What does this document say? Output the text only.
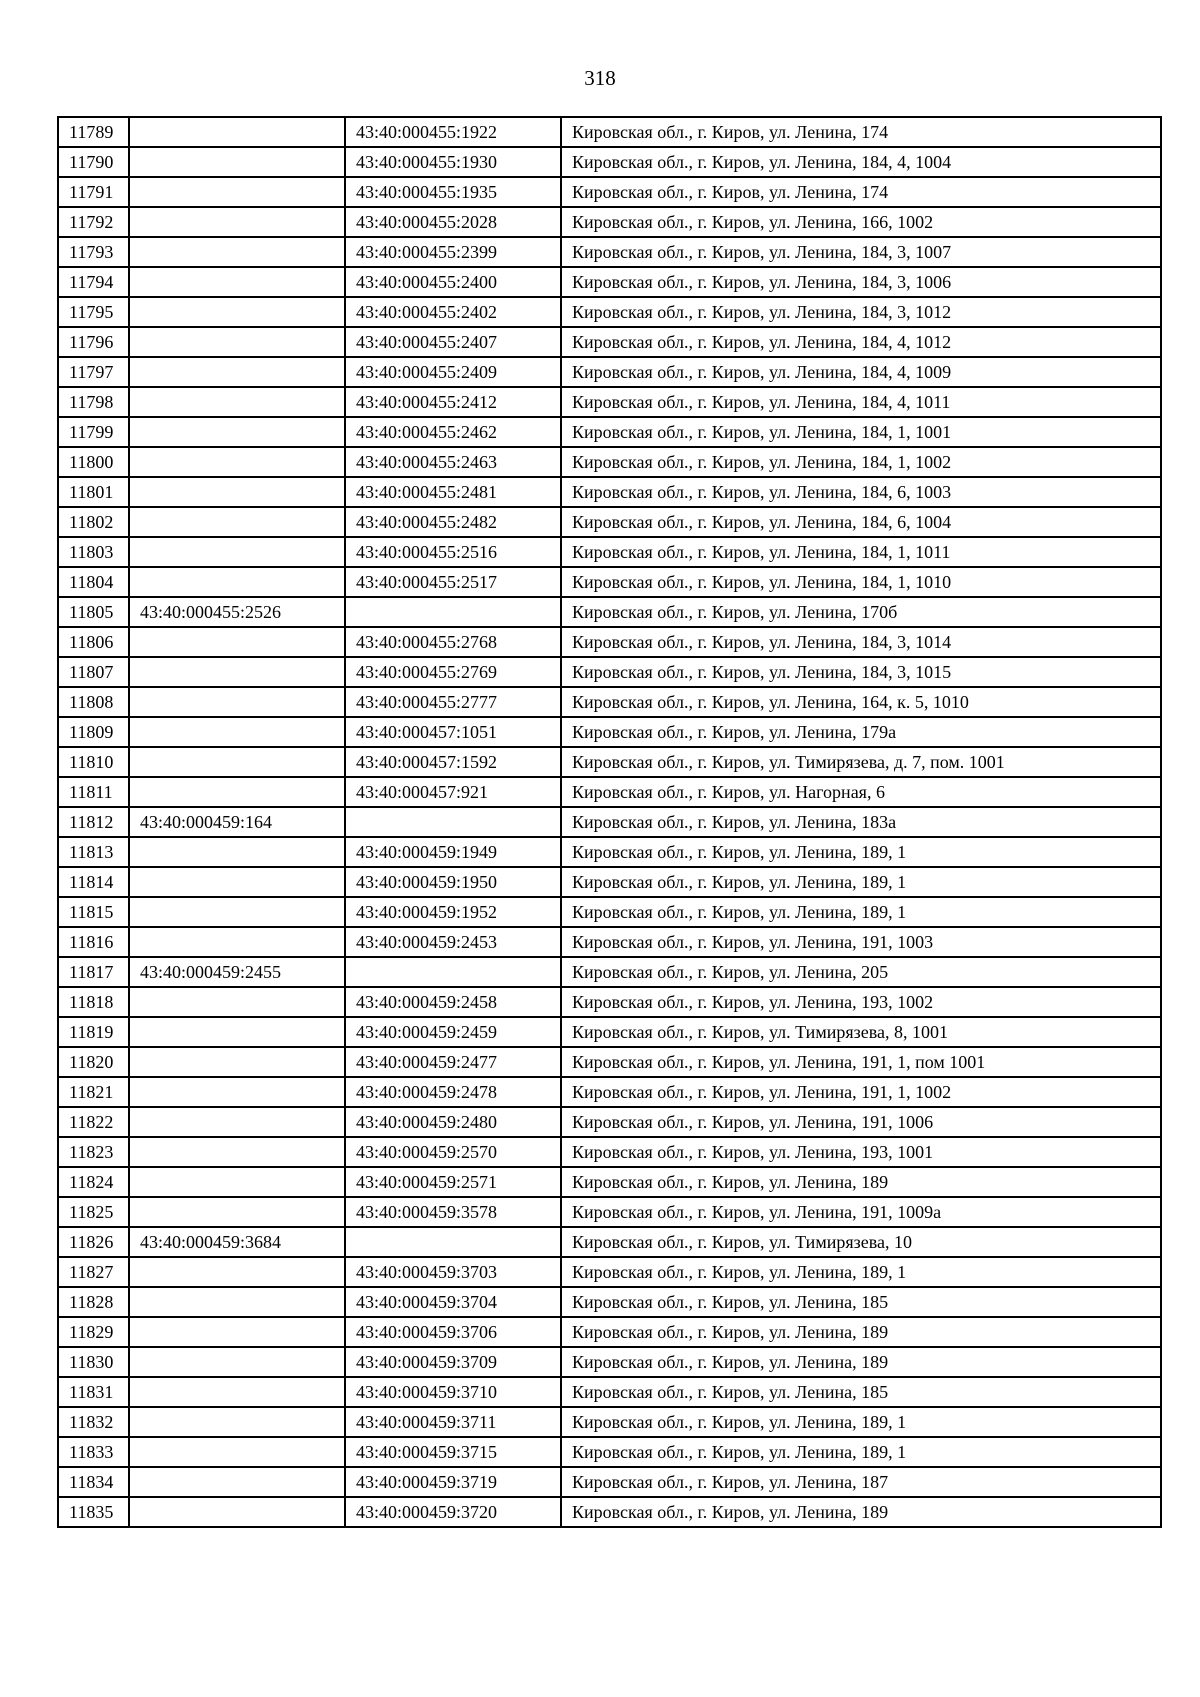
318
11789		43:40:000455:1922	Кировская обл., г. Киров, ул. Ленина, 174
11790		43:40:000455:1930	Кировская обл., г. Киров, ул. Ленина, 184, 4, 1004
11791		43:40:000455:1935	Кировская обл., г. Киров, ул. Ленина, 174
11792		43:40:000455:2028	Кировская обл., г. Киров, ул. Ленина, 166, 1002
11793		43:40:000455:2399	Кировская обл., г. Киров, ул. Ленина, 184, 3, 1007
11794		43:40:000455:2400	Кировская обл., г. Киров, ул. Ленина, 184, 3, 1006
11795		43:40:000455:2402	Кировская обл., г. Киров, ул. Ленина, 184, 3, 1012
11796		43:40:000455:2407	Кировская обл., г. Киров, ул. Ленина, 184, 4, 1012
11797		43:40:000455:2409	Кировская обл., г. Киров, ул. Ленина, 184, 4, 1009
11798		43:40:000455:2412	Кировская обл., г. Киров, ул. Ленина, 184, 4, 1011
11799		43:40:000455:2462	Кировская обл., г. Киров, ул. Ленина, 184, 1, 1001
11800		43:40:000455:2463	Кировская обл., г. Киров, ул. Ленина, 184, 1, 1002
11801		43:40:000455:2481	Кировская обл., г. Киров, ул. Ленина, 184, 6, 1003
11802		43:40:000455:2482	Кировская обл., г. Киров, ул. Ленина, 184, 6, 1004
11803		43:40:000455:2516	Кировская обл., г. Киров, ул. Ленина, 184, 1, 1011
11804		43:40:000455:2517	Кировская обл., г. Киров, ул. Ленина, 184, 1, 1010
11805	43:40:000455:2526		Кировская обл., г. Киров, ул. Ленина, 170б
11806		43:40:000455:2768	Кировская обл., г. Киров, ул. Ленина, 184, 3, 1014
11807		43:40:000455:2769	Кировская обл., г. Киров, ул. Ленина, 184, 3, 1015
11808		43:40:000455:2777	Кировская обл., г. Киров, ул. Ленина, 164, к. 5, 1010
11809		43:40:000457:1051	Кировская обл., г. Киров, ул. Ленина, 179а
11810		43:40:000457:1592	Кировская обл., г. Киров, ул. Тимирязева, д. 7, пом. 1001
11811		43:40:000457:921	Кировская обл., г. Киров, ул. Нагорная, 6
11812	43:40:000459:164		Кировская обл., г. Киров, ул. Ленина, 183а
11813		43:40:000459:1949	Кировская обл., г. Киров, ул. Ленина, 189, 1
11814		43:40:000459:1950	Кировская обл., г. Киров, ул. Ленина, 189, 1
11815		43:40:000459:1952	Кировская обл., г. Киров, ул. Ленина, 189, 1
11816		43:40:000459:2453	Кировская обл., г. Киров, ул. Ленина, 191, 1003
11817	43:40:000459:2455		Кировская обл., г. Киров, ул. Ленина, 205
11818		43:40:000459:2458	Кировская обл., г. Киров, ул. Ленина, 193, 1002
11819		43:40:000459:2459	Кировская обл., г. Киров, ул. Тимирязева, 8, 1001
11820		43:40:000459:2477	Кировская обл., г. Киров, ул. Ленина, 191, 1, пом 1001
11821		43:40:000459:2478	Кировская обл., г. Киров, ул. Ленина, 191, 1, 1002
11822		43:40:000459:2480	Кировская обл., г. Киров, ул. Ленина, 191, 1006
11823		43:40:000459:2570	Кировская обл., г. Киров, ул. Ленина, 193, 1001
11824		43:40:000459:2571	Кировская обл., г. Киров, ул. Ленина, 189
11825		43:40:000459:3578	Кировская обл., г. Киров, ул. Ленина, 191, 1009а
11826	43:40:000459:3684		Кировская обл., г. Киров, ул. Тимирязева, 10
11827		43:40:000459:3703	Кировская обл., г. Киров, ул. Ленина, 189, 1
11828		43:40:000459:3704	Кировская обл., г. Киров, ул. Ленина, 185
11829		43:40:000459:3706	Кировская обл., г. Киров, ул. Ленина, 189
11830		43:40:000459:3709	Кировская обл., г. Киров, ул. Ленина, 189
11831		43:40:000459:3710	Кировская обл., г. Киров, ул. Ленина, 185
11832		43:40:000459:3711	Кировская обл., г. Киров, ул. Ленина, 189, 1
11833		43:40:000459:3715	Кировская обл., г. Киров, ул. Ленина, 189, 1
11834		43:40:000459:3719	Кировская обл., г. Киров, ул. Ленина, 187
11835		43:40:000459:3720	Кировская обл., г. Киров, ул. Ленина, 189
